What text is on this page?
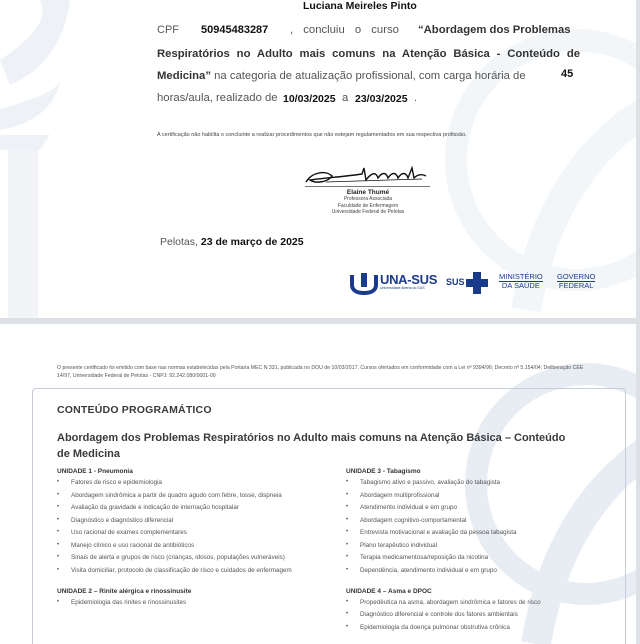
Luciana Meireles Pinto
CPF 50945483287 , concluiu o curso “Abordagem dos Problemas
Respiratórios no Adulto mais comuns na Atenção Básica - Conteúdo de Medicina” na categoria de atualização profissional, com carga horária de	45
horas/aula, realizado de 10/03/2025 a 23/03/2025 .
A certificação não habilita o concluinte a realizar procedimentos que não estejam regulamentados em sua respectiva profissão.
Elaine Thumé
Professora Associada
Faculdade de Enfermagem
Universidade Federal de Pelotas
Pelotas, 23 de março de 2025
UNA-SUS
Universidade Aberta do SUS
SUS
MINISTÉRIO
DA SAÚDE
GOVERNO
FEDERAL
O presente certificado foi emitido com base nas normas estabelecidas pela Portaria MEC N 331, publicada no DOU de 10/03/2017. Cursos ofertados em conformidade com a Lei nº 9394/96; Decreto nº 5.154/04; Deliberação CEE 14/97, Universidade Federal de Pelotas - CNPJ: 92.242.080/0001-00
CONTEÚDO PROGRAMÁTICO
Abordagem dos Problemas Respiratórios no Adulto mais comuns na Atenção Básica – Conteúdo de Medicina
UNIDADE 1 - Pneumonia
• Fatores de risco e epidemiologia
• Abordagem sindrômica a partir de quadro agudo com febre, tosse, dispneia
• Avaliação da gravidade e indicação de internação hospitalar
• Diagnóstico e diagnóstico diferencial
• Uso racional de exames complementares
• Manejo clínico e uso racional de antibióticos
• Sinais de alerta e grupos de risco (crianças, idosos, populações vulneráveis)
• Visita domiciliar, protocolo de classificação de risco e cuidados de enfermagem
UNIDADE 2 – Rinite alérgica e rinossinusite
• Epidemiologia das rinites e rinossinusites
UNIDADE 3 - Tabagismo
• Tabagismo ativo e passivo, avaliação do tabagista
• Abordagem multiprofissional
• Atendimento individual e em grupo
• Abordagem cognitivo-comportamental
• Entrevista motivacional e avaliação da pessoa tabagista
• Plano terapêutico individual
• Terapia medicamentosa/reposição da nicotina
• Dependência, atendimento individual e em grupo
UNIDADE 4 – Asma e DPOC
• Propedêutica na asma, abordagem sindrômica e fatores de risco
• Diagnóstico diferencial e controle dos fatores ambientais
• Epidemiologia da doença pulmonar obstrutiva crônica
